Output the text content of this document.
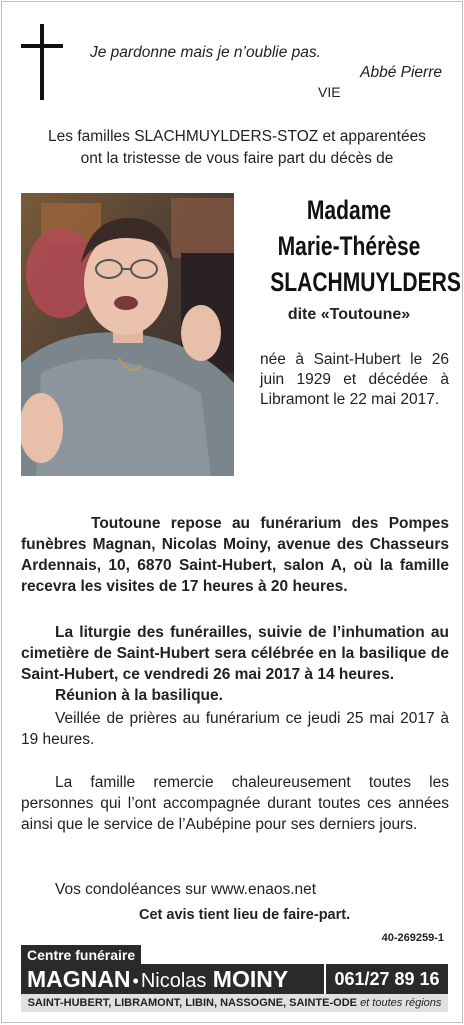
Je pardonne mais je n’oublie pas.
Abbé Pierre
VIE
Les familles SLACHMUYLDERS-STOZ et apparentées
ont la tristesse de vous faire part du décès de
Madame
Marie-Thérèse
SLACHMUYLDERS
dite «Toutoune»
née à Saint-Hubert le 26 juin 1929 et décédée à Libramont le 22 mai 2017.
Toutoune repose au funérarium des Pompes funèbres Magnan, Nicolas Moiny, avenue des Chasseurs Ardennais, 10, 6870 Saint-Hubert, salon A, où la famille recevra les visites de 17 heures à 20 heures.
La liturgie des funérailles, suivie de l’inhumation au cimetière de Saint-Hubert sera célébrée en la basilique de Saint-Hubert, ce vendredi 26 mai 2017 à 14 heures.
Réunion à la basilique.
Veillée de prières au funérarium ce jeudi 25 mai 2017 à 19 heures.
La famille remercie chaleureusement toutes les personnes qui l’ont accompagnée durant toutes ces années ainsi que le service de l’Aubépine pour ses derniers jours.
Vos condoléances sur www.enaos.net
Cet avis tient lieu de faire-part.
40-269259-1
Centre funéraire
MAGNAN • Nicolas MOINY	061/27 89 16
SAINT-HUBERT, LIBRAMONT, LIBIN, NASSOGNE, SAINTE-ODE et toutes régions
